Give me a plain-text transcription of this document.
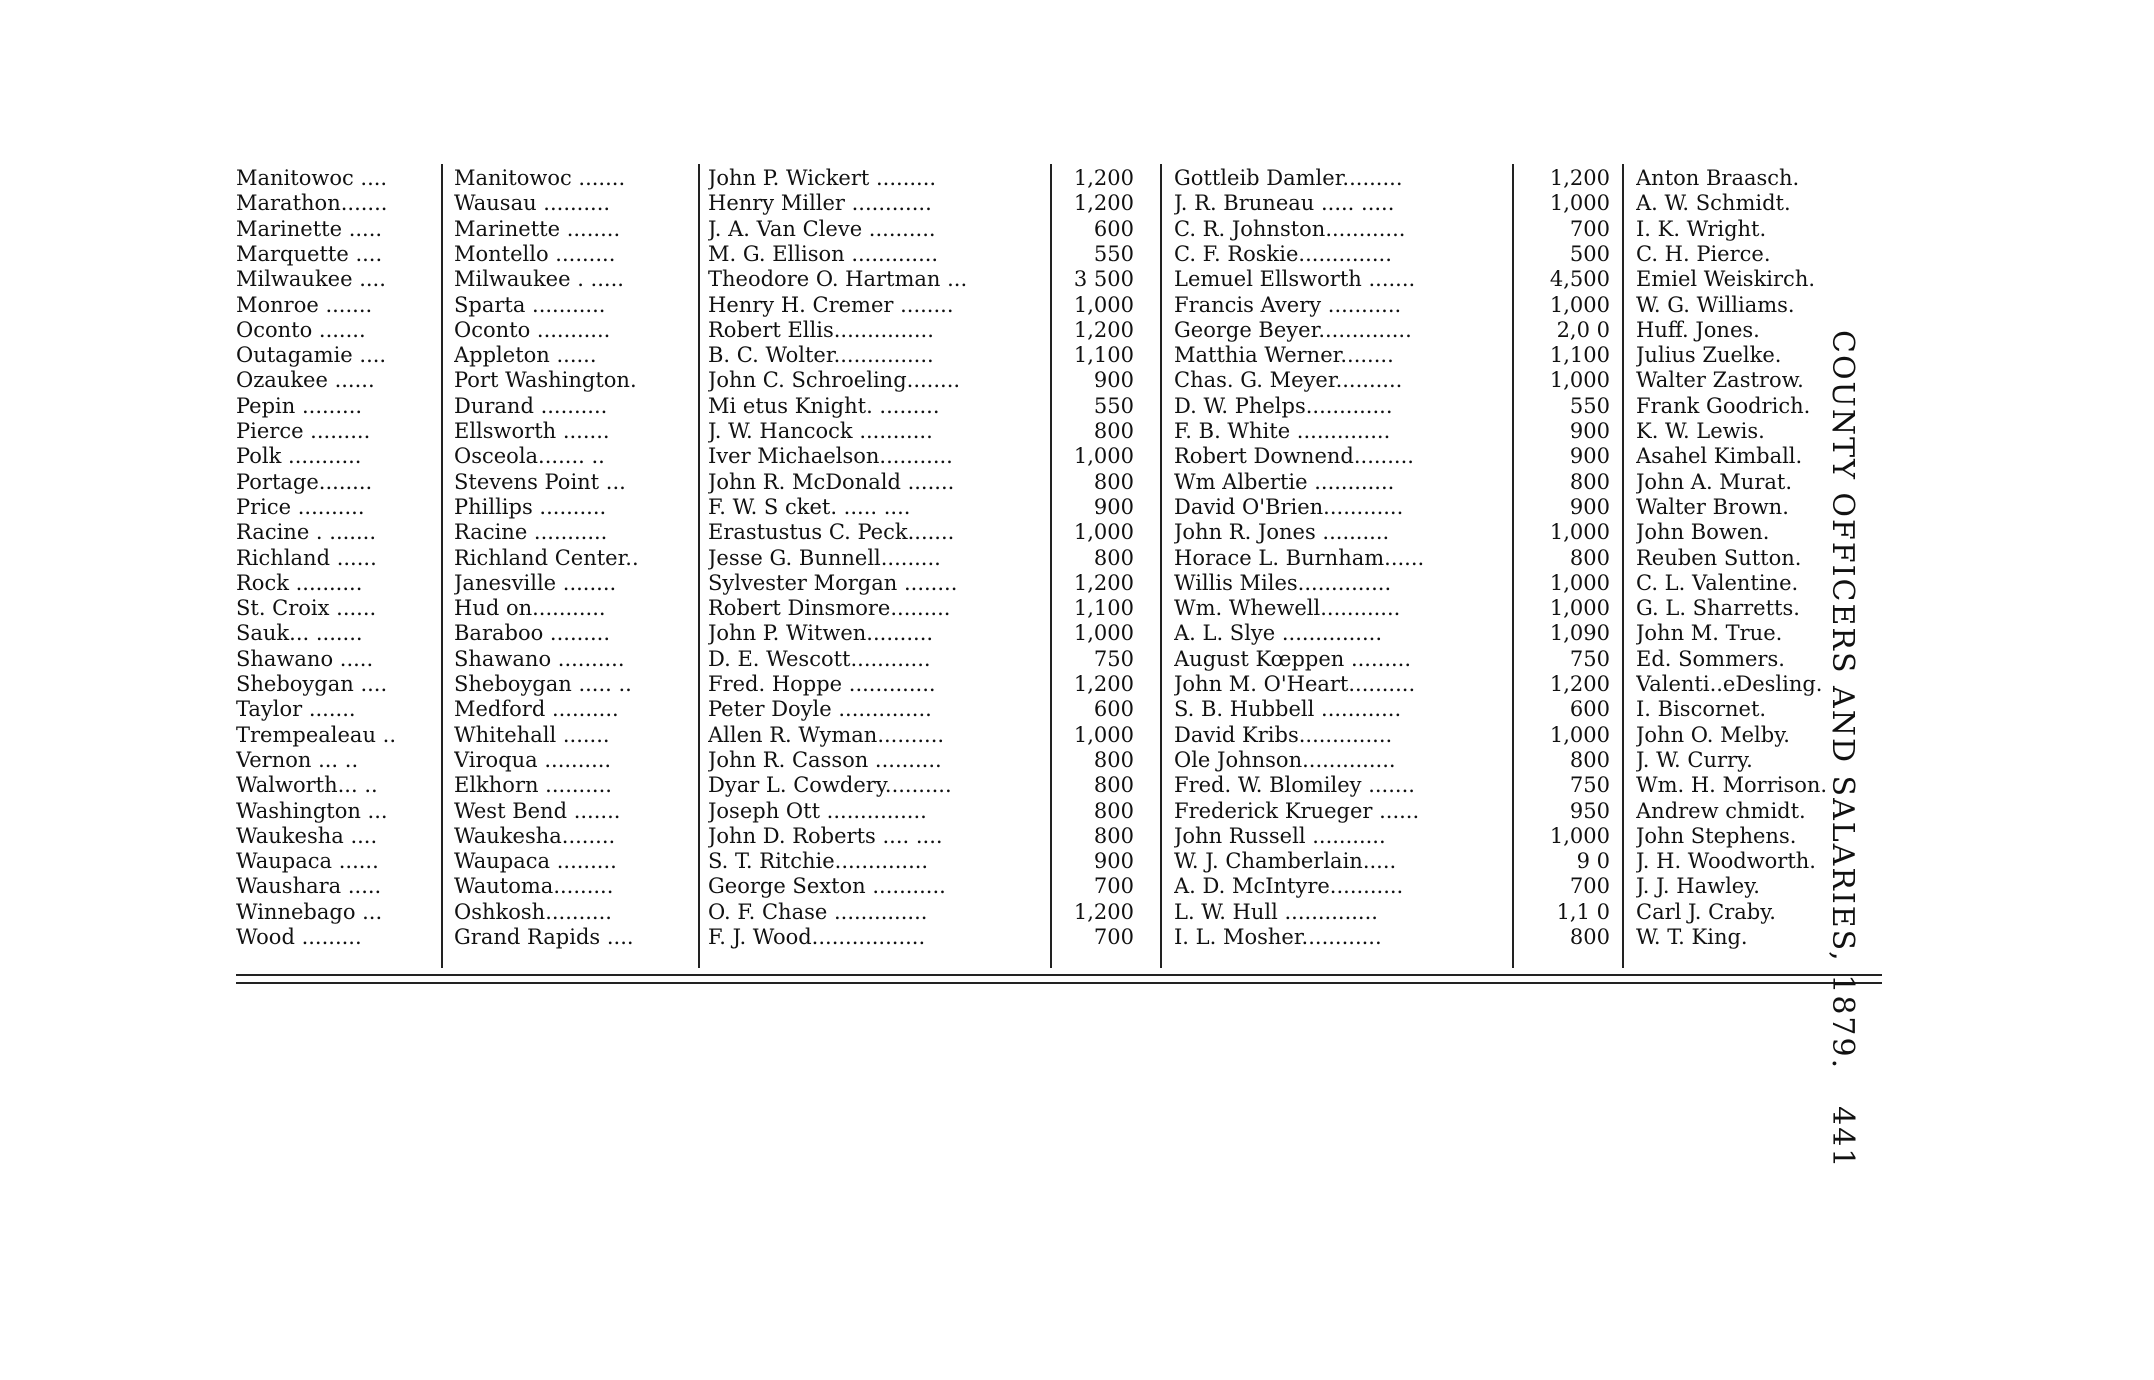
Manitowoc ....	Manitowoc .......	John P. Wickert .........	1,200 Gottleib Damler.........	1,200 Anton Braasch.
Marathon.......	Wausau ..........	Henry Miller ............	1,200 J. R. Bruneau ..... .....	1,000 A. W. Schmidt.
Marinette .....	Marinette ........	J. A. Van Cleve ..........	600 C. R. Johnston............	700 I. K. Wright.
Marquette ....	Montello .........	M. G. Ellison .............	550 C. F. Roskie..............	500 C. H. Pierce.
Milwaukee ....	Milwaukee . .....	Theodore O. Hartman ...	3 500 Lemuel Ellsworth .......	4,500 Emiel Weiskirch.
Monroe .......	Sparta ...........	Henry H. Cremer ........	1,000 Francis Avery ...........	1,000 W. G. Williams.
Oconto .......	Oconto ...........	Robert Ellis...............	1,200 George Beyer..............	2,0 0 Huff. Jones.
Outagamie ....	Appleton ......	B. C. Wolter...............	1,100 Matthia Werner........	1,100 Julius Zuelke.
Ozaukee ......	Port Washington.	John C. Schroeling........	900 Chas. G. Meyer..........	1,000 Walter Zastrow.
Pepin .........	Durand ..........	Mi etus Knight. .........	550 D. W. Phelps.............	550 Frank Goodrich.
Pierce .........	Ellsworth .......	J. W. Hancock ...........	800 F. B. White ..............	900 K. W. Lewis.
Polk ...........	Osceola....... ..	Iver Michaelson...........	1,000 Robert Downend.........	900 Asahel Kimball.
Portage........	Stevens Point ...	John R. McDonald .......	800 Wm Albertie ............	800 John A. Murat.
Price ..........	Phillips ..........	F. W. S cket. ..... ....	900 David O'Brien............	900 Walter Brown.
Racine . .......	Racine ...........	Erastustus C. Peck.......	1,000 John R. Jones ..........	1,000 John Bowen.
Richland ......	Richland Center..	Jesse G. Bunnell.........	800 Horace L. Burnham......	800 Reuben Sutton.
Rock ..........	Janesville ........	Sylvester Morgan ........	1,200 Willis Miles..............	1,000 C. L. Valentine.
St. Croix ......	Hud on...........	Robert Dinsmore.........	1,100 Wm. Whewell............	1,000 G. L. Sharretts.
Sauk... .......	Baraboo .........	John P. Witwen..........	1,000 A. L. Slye ...............	1,090 John M. True.
Shawano .....	Shawano ..........	D. E. Wescott............	750 August Kœppen .........	750 Ed. Sommers.
Sheboygan ....	Sheboygan ..... ..	Fred. Hoppe .............	1,200 John M. O'Heart..........	1,200 Valenti..eDesling.
Taylor .......	Medford ..........	Peter Doyle ..............	600 S. B. Hubbell ............	600 I. Biscornet.
Trempealeau ..	Whitehall .......	Allen R. Wyman..........	1,000 David Kribs..............	1,000 John O. Melby.
Vernon ... ..	Viroqua ..........	John R. Casson ..........	800 Ole Johnson..............	800 J. W. Curry.
Walworth... ..	Elkhorn ..........	Dyar L. Cowdery..........	800 Fred. W. Blomiley .......	750 Wm. H. Morrison.
Washington ...	West Bend .......	Joseph Ott ...............	800 Frederick Krueger ......	950 Andrew chmidt.
Waukesha ....	Waukesha........	John D. Roberts .... ....	800 John Russell ...........	1,000 John Stephens.
Waupaca ......	Waupaca .........	S. T. Ritchie..............	900 W. J. Chamberlain.....	9 0 J. H. Woodworth.
Waushara .....	Wautoma.........	George Sexton ...........	700 A. D. McIntyre...........	700 J. J. Hawley.
Winnebago ...	Oshkosh..........	O. F. Chase ..............	1,200 L. W. Hull ..............	1,1 0 Carl J. Craby.
Wood .........	Grand Rapids ....	F. J. Wood.................	700 I. L. Mosher............	800 W. T. King.	COUNTY OFFICERS AND SALARIES, 1879.441
